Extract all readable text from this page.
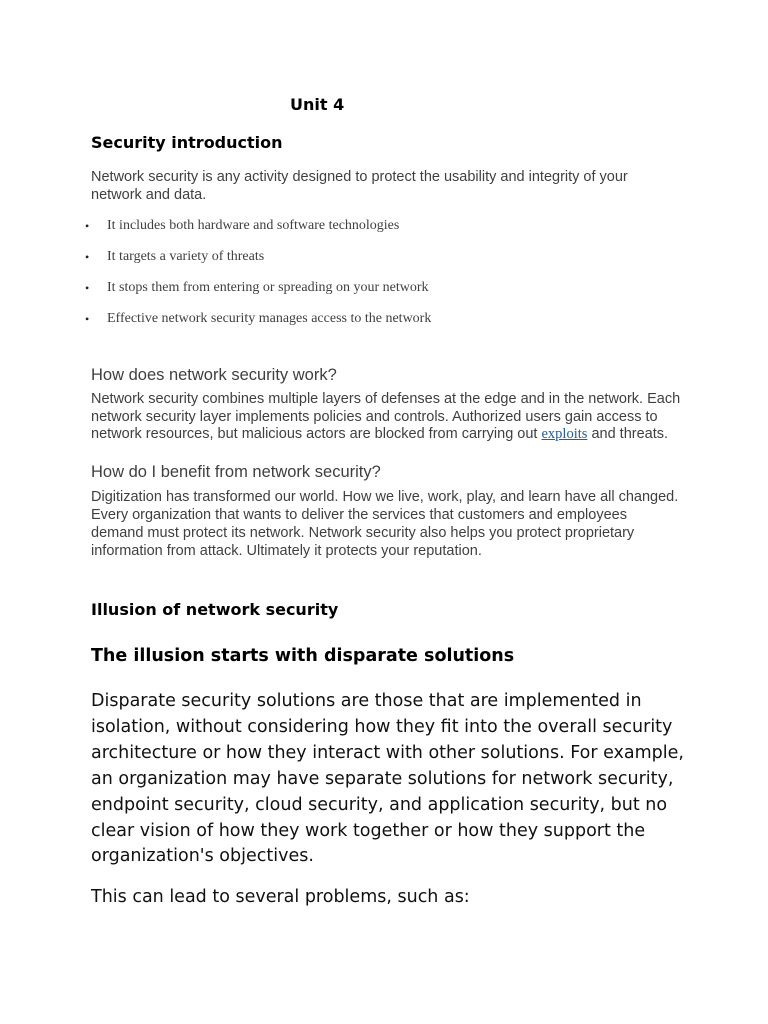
Unit 4
Security introduction

Network security is any activity designed to protect the usability and integrity of your network and data.

• It includes both hardware and software technologies
• It targets a variety of threats
• It stops them from entering or spreading on your network
• Effective network security manages access to the network
How does network security work?

Network security combines multiple layers of defenses at the edge and in the network. Each network security layer implements policies and controls. Authorized users gain access to network resources, but malicious actors are blocked from carrying out exploits and threats.

How do I benefit from network security?

Digitization has transformed our world. How we live, work, play, and learn have all changed. Every organization that wants to deliver the services that customers and employees demand must protect its network. Network security also helps you protect proprietary information from attack. Ultimately it protects your reputation.

Illusion of network security
The illusion starts with disparate solutions

Disparate security solutions are those that are implemented in isolation, without considering how they fit into the overall security architecture or how they interact with other solutions. For example, an organization may have separate solutions for network security, endpoint security, cloud security, and application security, but no clear vision of how they work together or how they support the organization's objectives.

This can lead to several problems, such as:
